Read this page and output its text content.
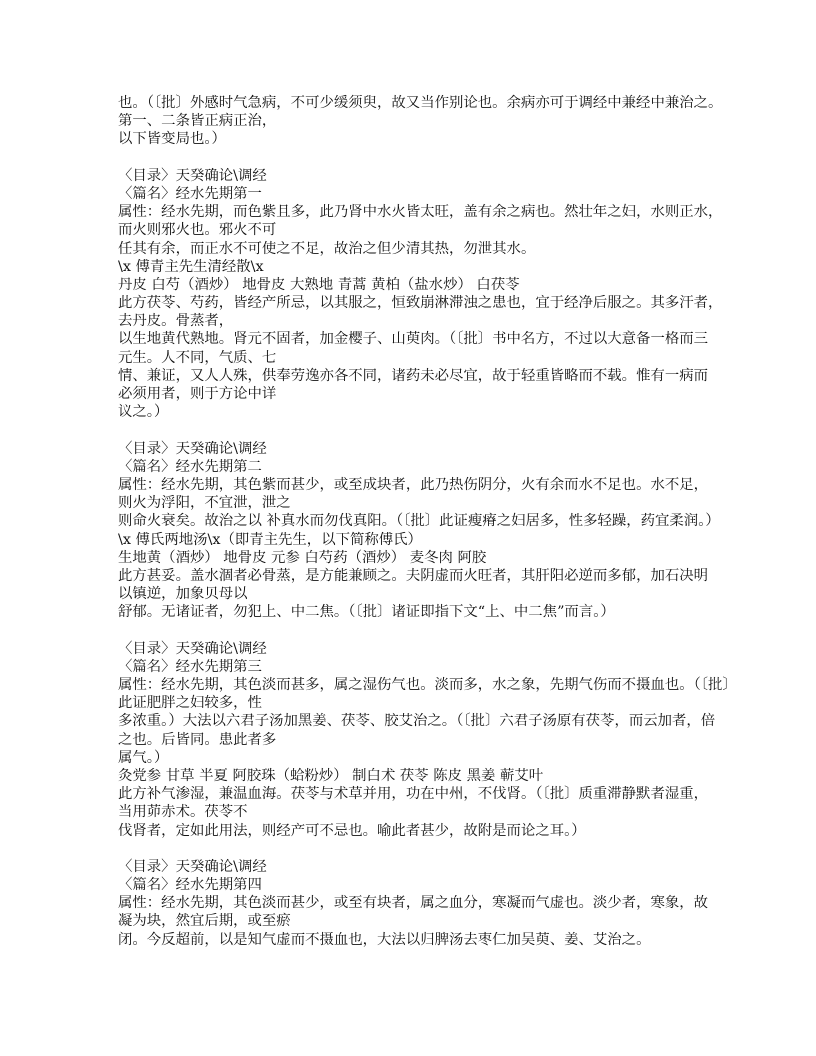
也。（〔批〕外感时气急病，不可少缓须臾，故又当作别论也。余病亦可于调经中兼经中兼治之。
第一、二条皆正病正治，
以下皆变局也。）
〈目录〉天癸确论\调经
〈篇名〉经水先期第一
属性：经水先期，而色紫且多，此乃肾中水火皆太旺，盖有余之病也。然壮年之妇，水则正水，
而火则邪火也。邪火不可
任其有余，而正水不可使之不足，故治之但少清其热，勿泄其水。
\x 傅青主先生清经散\x
丹皮 白芍（酒炒） 地骨皮 大熟地 青蒿 黄柏（盐水炒） 白茯苓
此方茯苓、芍药，皆经产所忌，以其服之，恒致崩淋滞浊之患也，宜于经净后服之。其多汗者，
去丹皮。骨蒸者，
以生地黄代熟地。肾元不固者，加金樱子、山萸肉。（〔批〕书中名方，不过以大意备一格而三
元生。人不同，气质、七
情、兼证，又人人殊，供奉劳逸亦各不同，诸药未必尽宜，故于轻重皆略而不载。惟有一病而
必须用者，则于方论中详
议之。）
〈目录〉天癸确论\调经
〈篇名〉经水先期第二
属性：经水先期，其色紫而甚少，或至成块者，此乃热伤阴分，火有余而水不足也。水不足，
则火为浮阳，不宜泄，泄之
则命火衰矣。故治之以 补真水而勿伐真阳。（〔批〕此证瘦瘠之妇居多，性多轻躁，药宜柔润。）
\x 傅氏两地汤\x（即青主先生，以下简称傅氏）
生地黄（酒炒） 地骨皮 元参 白芍药（酒炒） 麦冬肉 阿胶
此方甚妥。盖水涸者必骨蒸，是方能兼顾之。夫阴虚而火旺者，其肝阳必逆而多郁，加石决明
以镇逆，加象贝母以
舒郁。无诸证者，勿犯上、中二焦。（〔批〕诸证即指下文“上、中二焦”而言。）
〈目录〉天癸确论\调经
〈篇名〉经水先期第三
属性：经水先期，其色淡而甚多，属之湿伤气也。淡而多，水之象，先期气伤而不摄血也。（〔批〕
此证肥胖之妇较多，性
多浓重。）大法以六君子汤加黑姜、茯苓、胶艾治之。（〔批〕六君子汤原有茯苓，而云加者，倍
之也。后皆同。患此者多
属气。）
灸党参 甘草 半夏 阿胶珠（蛤粉炒） 制白术 茯苓 陈皮 黑姜 蕲艾叶
此方补气渗湿，兼温血海。茯苓与术草并用，功在中州，不伐肾。（〔批〕质重滞静默者湿重，
当用茆赤术。茯苓不
伐肾者，定如此用法，则经产可不忌也。喻此者甚少，故附是而论之耳。）
〈目录〉天癸确论\调经
〈篇名〉经水先期第四
属性：经水先期，其色淡而甚少，或至有块者，属之血分，寒凝而气虚也。淡少者，寒象，故
凝为块，然宜后期，或至瘀
闭。今反超前，以是知气虚而不摄血也，大法以归脾汤去枣仁加吴萸、姜、艾治之。
